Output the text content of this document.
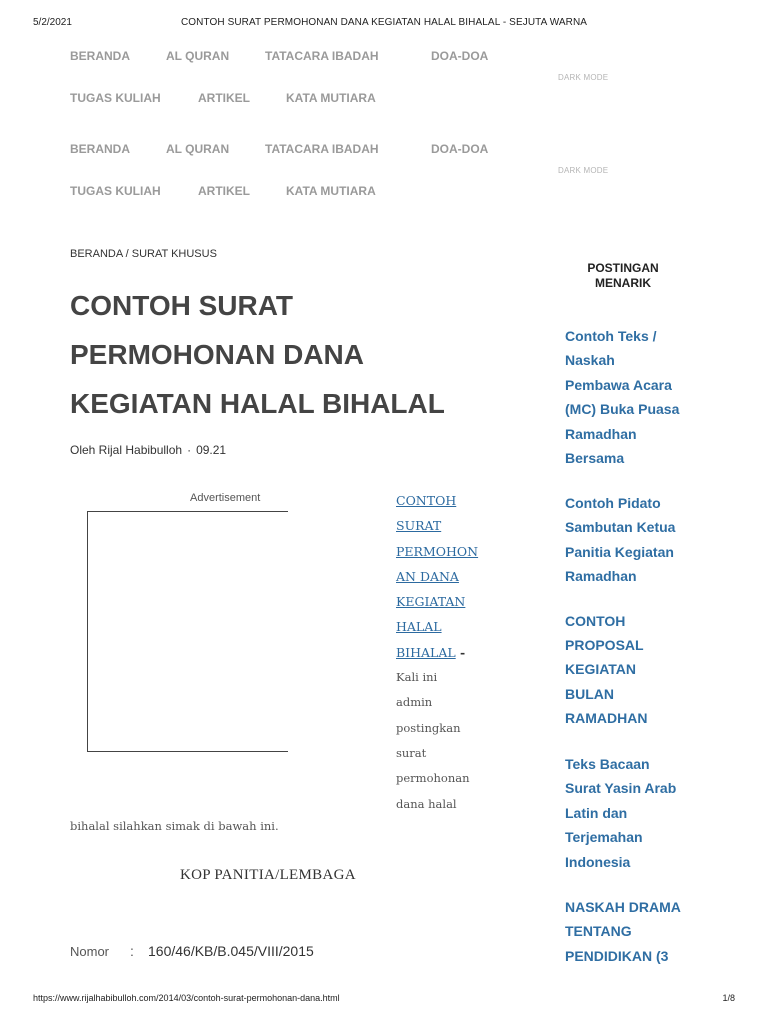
5/2/2021	CONTOH SURAT PERMOHONAN DANA KEGIATAN HALAL BIHALAL - SEJUTA WARNA
BERANDA	AL QURAN	TATACARA IBADAH	DOA-DOA
DARK MODE
TUGAS KULIAH	ARTIKEL	KATA MUTIARA
BERANDA	AL QURAN	TATACARA IBADAH	DOA-DOA
DARK MODE
TUGAS KULIAH	ARTIKEL	KATA MUTIARA
BERANDA / SURAT KHUSUS
CONTOH SURAT
PERMOHONAN DANA
KEGIATAN HALAL BIHALAL
Oleh Rijal Habibulloh · 09.21
Advertisement	CONTOH
SURAT
PERMOHON
AN DANA
KEGIATAN
HALAL
BIHALAL -
Kali ini
admin
postingkan
surat
permohonan
dana halal
bihalal silahkan simak di bawah ini.
KOP PANITIA/LEMBAGA
Nomor : 160/46/KB/B.045/VIII/2015
POSTINGAN
MENARIK
Contoh Teks /
Naskah
Pembawa Acara
(MC) Buka Puasa
Ramadhan
Bersama
Contoh Pidato
Sambutan Ketua
Panitia Kegiatan
Ramadhan
CONTOH
PROPOSAL
KEGIATAN
BULAN
RAMADHAN
Teks Bacaan
Surat Yasin Arab
Latin dan
Terjemahan
Indonesia
NASKAH DRAMA
TENTANG
PENDIDIKAN (3
https://www.rijalhabibulloh.com/2014/03/contoh-surat-permohonan-dana.html	1/8
